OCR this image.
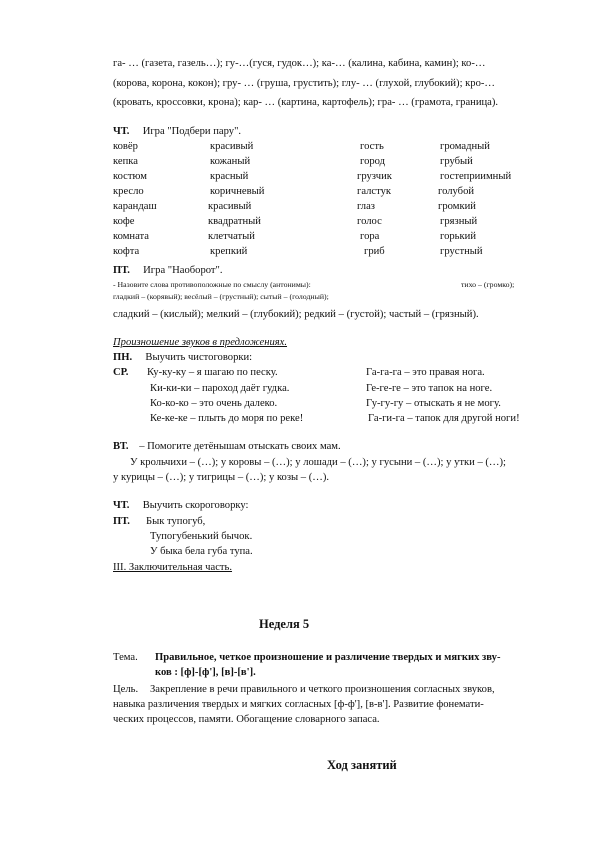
га- … (газета, газель…); гу-…(гуся, гудок…); ка-… (калина, кабина, камин); ко-…
(корова, корона, кокон); гру- … (груша, грустить); глу- … (глухой, глубокий); кро-…
(кровать, кроссовки, крона); кар- … (картина, картофель); гра- … (грамота, граница).
ЧТ. Игра "Подбери пару".
ковёр	красивый	гость	громадный
кепка	кожаный	город	грубый
костюм	красный	грузчик	гостеприимный
кресло	коричневый	галстук	голубой
карандаш	красивый	глаз	громкий
кофе	квадратный	голос	грязный
комната	клетчатый	гора	горький
кофта	крепкий	гриб	грустный
ПТ. Игра "Наоборот".
- Назовите слова противоположные по смыслу (антонимы):	тихо – (громко);
гладкий – (корявый); весёлый – (грустный); сытый – (голодный);
сладкий – (кислый); мелкий – (глубокий); редкий – (густой); частый – (грязный).
Произношение звуков в предложениях.
ПН. Выучить чистоговорки:
СР. Ку-ку-ку – я шагаю по песку.
Ки-ки-ки – пароход даёт гудка.
Ко-ко-ко – это очень далеко.
Ке-ке-ке – плыть до моря по реке!
Га-га-га – это правая нога.
Ге-ге-ге – это тапок на ноге.
Гу-гу-гу – отыскать я не могу.
Га-ги-га – тапок для другой ноги!
ВТ. – Помогите детёнышам отыскать своих мам.
У крольчихи – (…); у коровы – (…); у лошади – (…); у гусыни – (…); у утки – (…);
у курицы – (…); у тигрицы – (…); у козы – (…).
ЧТ. Выучить скороговорку:
ПТ. Бык тупогуб,
Тупогубенький бычок.
У быка бела губа тупа.
III. Заключительная часть.
Неделя 5
Тема. Правильное, четкое произношение и различение твердых и мягких зву-
ков : [ф]-[ф'], [в]-[в'].
Цель. Закрепление в речи правильного и четкого произношения согласных звуков,
навыка различения твердых и мягких согласных [ф-ф'], [в-в']. Развитие фонемати-
ческих процессов, памяти. Обогащение словарного запаса.
Ход занятий
